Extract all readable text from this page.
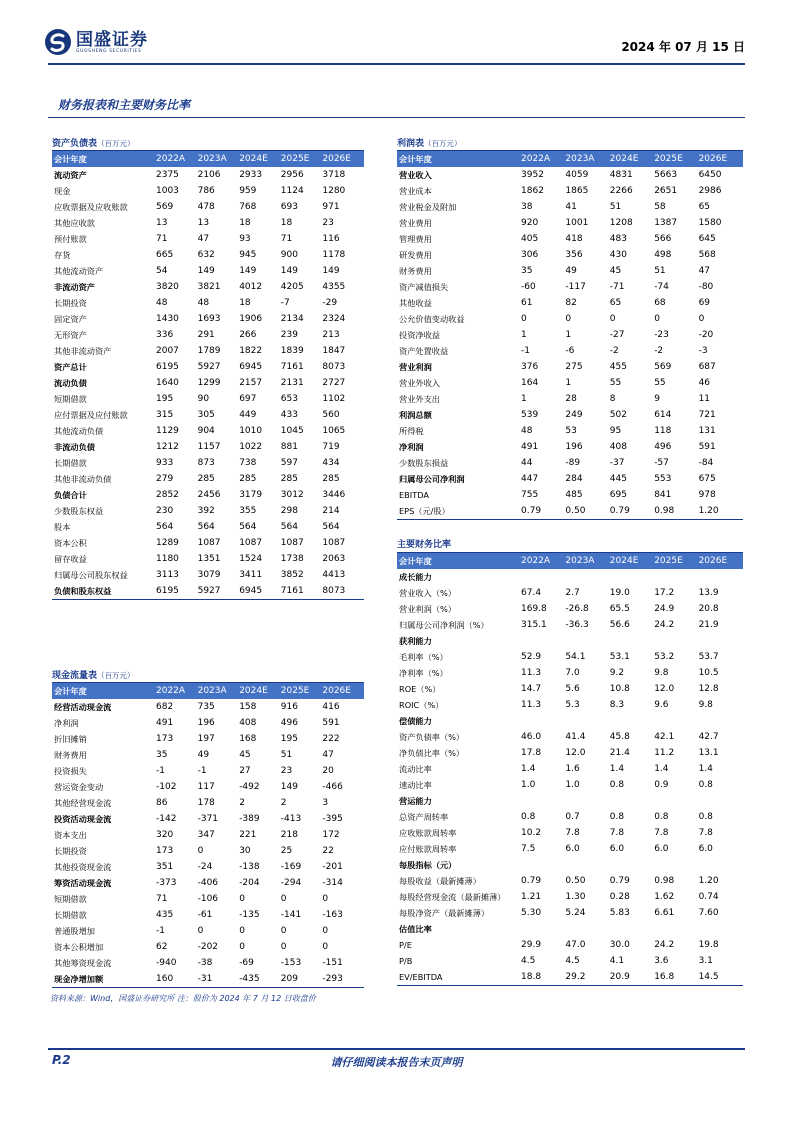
国盛证券
GUOSHENG SECURITIES	2024 年 07 月 15 日
财务报表和主要财务比率
资产负债表（百万元）
会计年度	2022A	2023A	2024E	2025E	2026E
流动资产	2375	2106	2933	2956	3718
现金	1003	786	959	1124	1280
应收票据及应收账款	569	478	768	693	971
其他应收款	13	13	18	18	23
预付账款	71	47	93	71	116
存货	665	632	945	900	1178
其他流动资产	54	149	149	149	149
非流动资产	3820	3821	4012	4205	4355
长期投资	48	48	18	-7	-29
固定资产	1430	1693	1906	2134	2324
无形资产	336	291	266	239	213
其他非流动资产	2007	1789	1822	1839	1847
资产总计	6195	5927	6945	7161	8073
流动负债	1640	1299	2157	2131	2727
短期借款	195	90	697	653	1102
应付票据及应付账款	315	305	449	433	560
其他流动负债	1129	904	1010	1045	1065
非流动负债	1212	1157	1022	881	719
长期借款	933	873	738	597	434
其他非流动负债	279	285	285	285	285
负债合计	2852	2456	3179	3012	3446
少数股东权益	230	392	355	298	214
股本	564	564	564	564	564
资本公积	1289	1087	1087	1087	1087
留存收益	1180	1351	1524	1738	2063
归属母公司股东权益	3113	3079	3411	3852	4413
负债和股东权益	6195	5927	6945	7161	8073
利润表（百万元）
会计年度	2022A	2023A	2024E	2025E	2026E
营业收入	3952	4059	4831	5663	6450
营业成本	1862	1865	2266	2651	2986
营业税金及附加	38	41	51	58	65
营业费用	920	1001	1208	1387	1580
管理费用	405	418	483	566	645
研发费用	306	356	430	498	568
财务费用	35	49	45	51	47
资产减值损失	-60	-117	-71	-74	-80
其他收益	61	82	65	68	69
公允价值变动收益	0	0	0	0	0
投资净收益	1	1	-27	-23	-20
资产处置收益	-1	-6	-2	-2	-3
营业利润	376	275	455	569	687
营业外收入	164	1	55	55	46
营业外支出	1	28	8	9	11
利润总额	539	249	502	614	721
所得税	48	53	95	118	131
净利润	491	196	408	496	591
少数股东损益	44	-89	-37	-57	-84
归属母公司净利润	447	284	445	553	675
EBITDA	755	485	695	841	978
EPS（元/股）	0.79	0.50	0.79	0.98	1.20
主要财务比率
会计年度	2022A	2023A	2024E	2025E	2026E
成长能力					
营业收入（%）	67.4	2.7	19.0	17.2	13.9
营业利润（%）	169.8	-26.8	65.5	24.9	20.8
归属母公司净利润（%）	315.1	-36.3	56.6	24.2	21.9
获利能力					
毛利率（%）	52.9	54.1	53.1	53.2	53.7
净利率（%）	11.3	7.0	9.2	9.8	10.5
ROE（%）	14.7	5.6	10.8	12.0	12.8
ROIC（%）	11.3	5.3	8.3	9.6	9.8
偿债能力					
资产负债率（%）	46.0	41.4	45.8	42.1	42.7
净负债比率（%）	17.8	12.0	21.4	11.2	13.1
流动比率	1.4	1.6	1.4	1.4	1.4
速动比率	1.0	1.0	0.8	0.9	0.8
营运能力					
总资产周转率	0.8	0.7	0.8	0.8	0.8
应收账款周转率	10.2	7.8	7.8	7.8	7.8
应付账款周转率	7.5	6.0	6.0	6.0	6.0
每股指标（元）					
每股收益（最新摊薄）	0.79	0.50	0.79	0.98	1.20
每股经营现金流（最新摊薄）	1.21	1.30	0.28	1.62	0.74
每股净资产（最新摊薄）	5.30	5.24	5.83	6.61	7.60
估值比率					
P/E	29.9	47.0	30.0	24.2	19.8
P/B	4.5	4.5	4.1	3.6	3.1
EV/EBITDA	18.8	29.2	20.9	16.8	14.5
现金流量表（百万元）
会计年度	2022A	2023A	2024E	2025E	2026E
经营活动现金流	682	735	158	916	416
净利润	491	196	408	496	591
折旧摊销	173	197	168	195	222
财务费用	35	49	45	51	47
投资损失	-1	-1	27	23	20
营运资金变动	-102	117	-492	149	-466
其他经营现金流	86	178	2	2	3
投资活动现金流	-142	-371	-389	-413	-395
资本支出	320	347	221	218	172
长期投资	173	0	30	25	22
其他投资现金流	351	-24	-138	-169	-201
筹资活动现金流	-373	-406	-204	-294	-314
短期借款	71	-106	0	0	0
长期借款	435	-61	-135	-141	-163
普通股增加	-1	0	0	0	0
资本公积增加	62	-202	0	0	0
其他筹资现金流	-940	-38	-69	-153	-151
现金净增加额	160	-31	-435	209	-293
资料来源：Wind，国盛证券研究所 注：股价为 2024 年 7 月 12 日收盘价
P.2	请仔细阅读本报告末页声明
